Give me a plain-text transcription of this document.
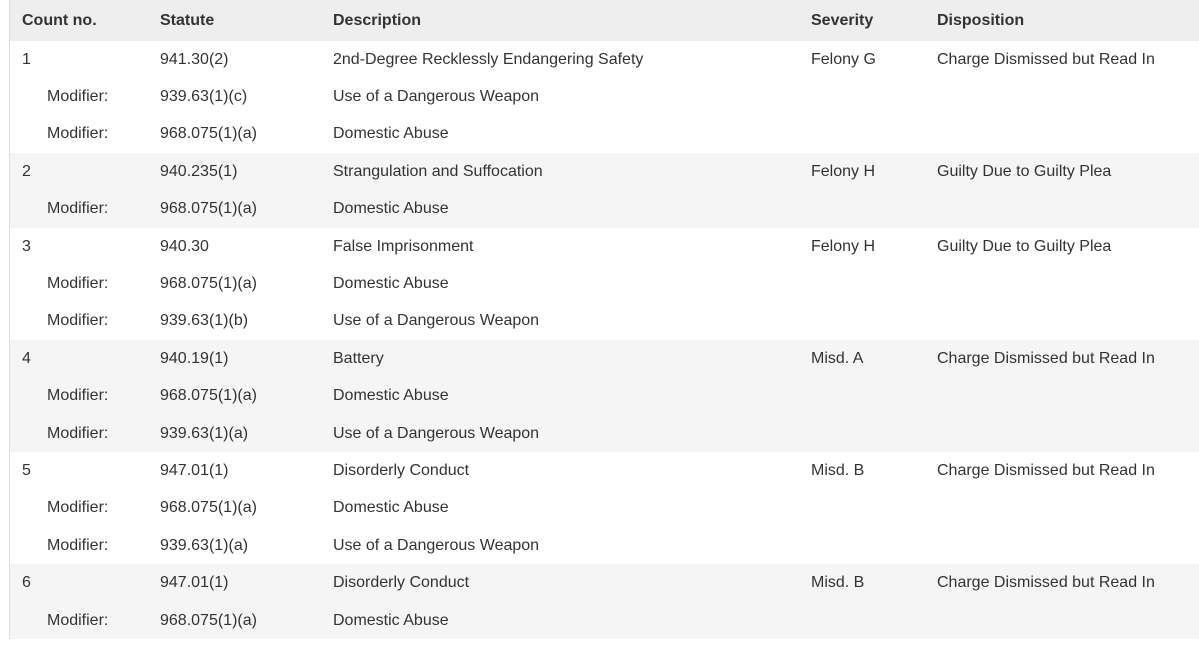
Count no.	Statute	Description	Severity	Disposition
1	941.30(2)	2nd-Degree Recklessly Endangering Safety	Felony G	Charge Dismissed but Read In
Modifier:	939.63(1)(c)	Use of a Dangerous Weapon		
Modifier:	968.075(1)(a)	Domestic Abuse		
2	940.235(1)	Strangulation and Suffocation	Felony H	Guilty Due to Guilty Plea
Modifier:	968.075(1)(a)	Domestic Abuse		
3	940.30	False Imprisonment	Felony H	Guilty Due to Guilty Plea
Modifier:	968.075(1)(a)	Domestic Abuse		
Modifier:	939.63(1)(b)	Use of a Dangerous Weapon		
4	940.19(1)	Battery	Misd. A	Charge Dismissed but Read In
Modifier:	968.075(1)(a)	Domestic Abuse		
Modifier:	939.63(1)(a)	Use of a Dangerous Weapon		
5	947.01(1)	Disorderly Conduct	Misd. B	Charge Dismissed but Read In
Modifier:	968.075(1)(a)	Domestic Abuse		
Modifier:	939.63(1)(a)	Use of a Dangerous Weapon		
6	947.01(1)	Disorderly Conduct	Misd. B	Charge Dismissed but Read In
Modifier:	968.075(1)(a)	Domestic Abuse		
